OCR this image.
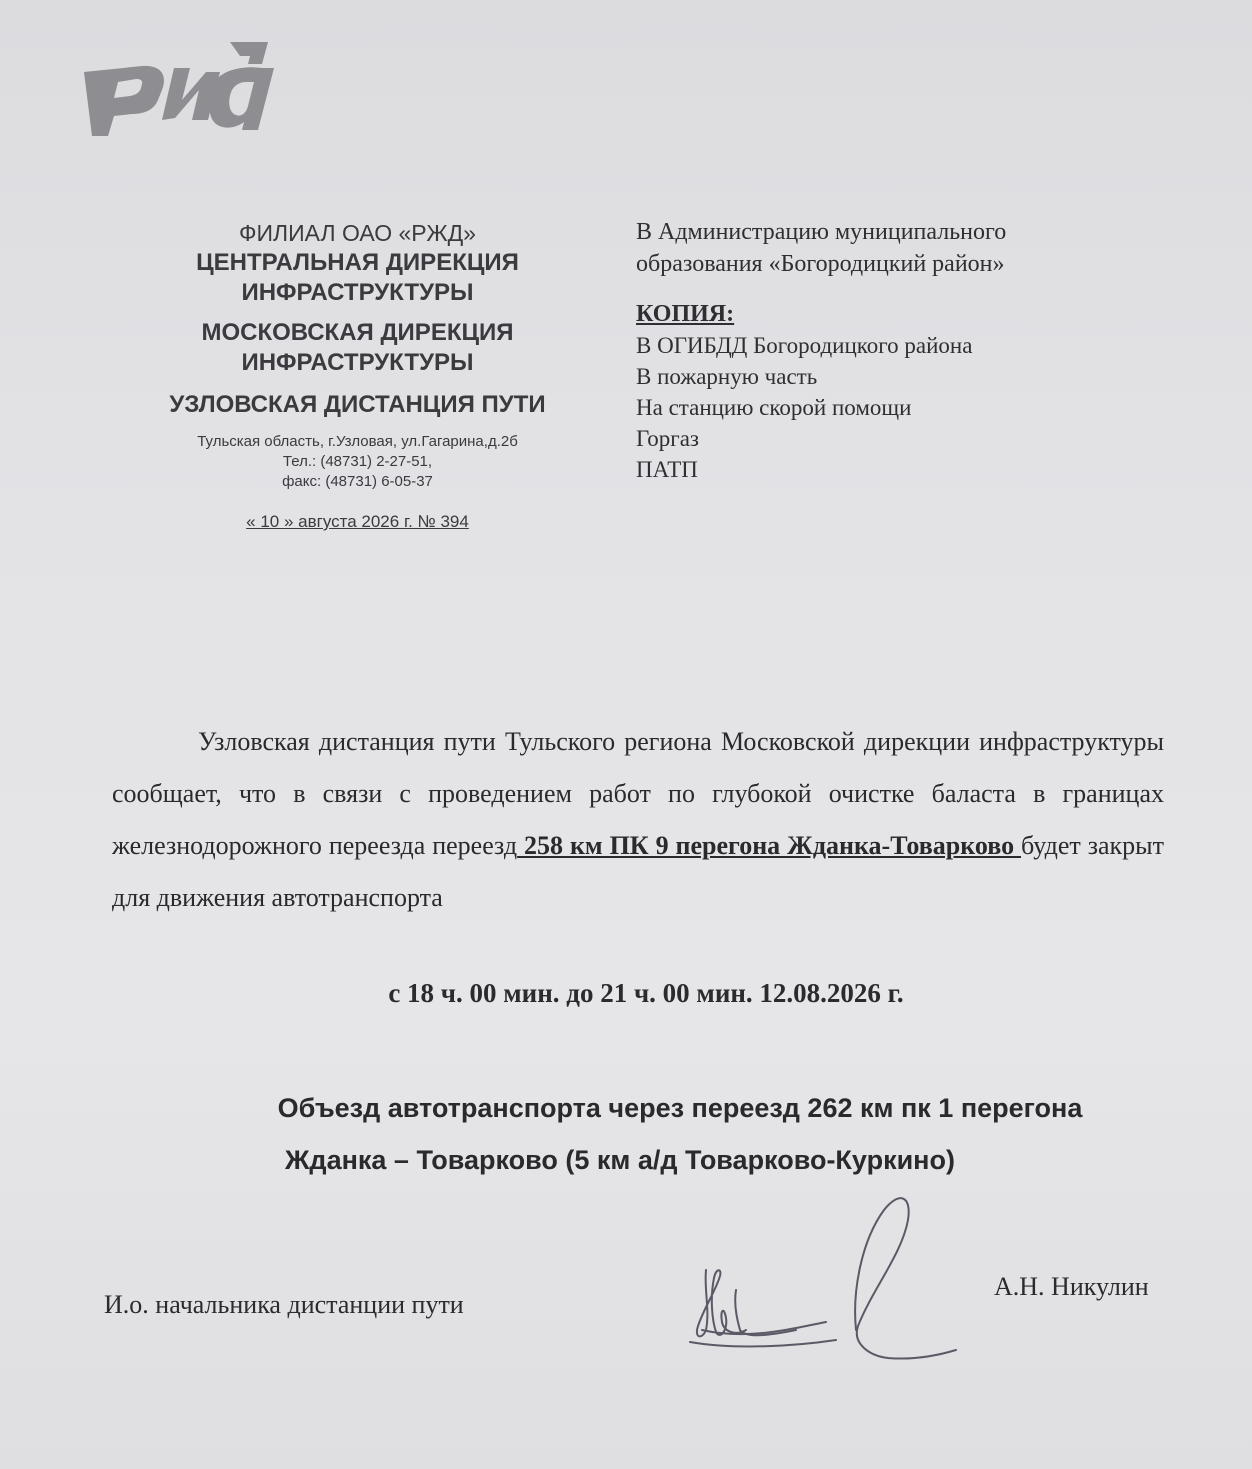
ФИЛИАЛ ОАО «РЖД»
ЦЕНТРАЛЬНАЯ ДИРЕКЦИЯ
ИНФРАСТРУКТУРЫ
МОСКОВСКАЯ ДИРЕКЦИЯ
ИНФРАСТРУКТУРЫ
УЗЛОВСКАЯ ДИСТАНЦИЯ ПУТИ
Тульская область, г.Узловая, ул.Гагарина,д.2б
Тел.: (48731) 2-27-51,
факс: (48731) 6-05-37
« 10 » августа 2026 г. № 394
В Администрацию муниципального
образования «Богородицкий район»
КОПИЯ:
В ОГИБДД Богородицкого района
В пожарную часть
На станцию скорой помощи
Горгаз
ПАТП

Узловская дистанция пути Тульского региона Московской дирекции инфраструктуры сообщает, что в связи с проведением работ по глубокой очистке баласта в границах железнодорожного переезда переезд 258 км ПК 9 перегона Жданка-Товарково будет закрыт для движения автотранспорта

с 18 ч. 00 мин. до 21 ч. 00 мин. 12.08.2026 г.
Объезд автотранспорта через переезд 262 км пк 1 перегона
Жданка – Товарково (5 км а/д Товарково-Куркино)
И.о. начальника дистанции пути
А.Н. Никулин
